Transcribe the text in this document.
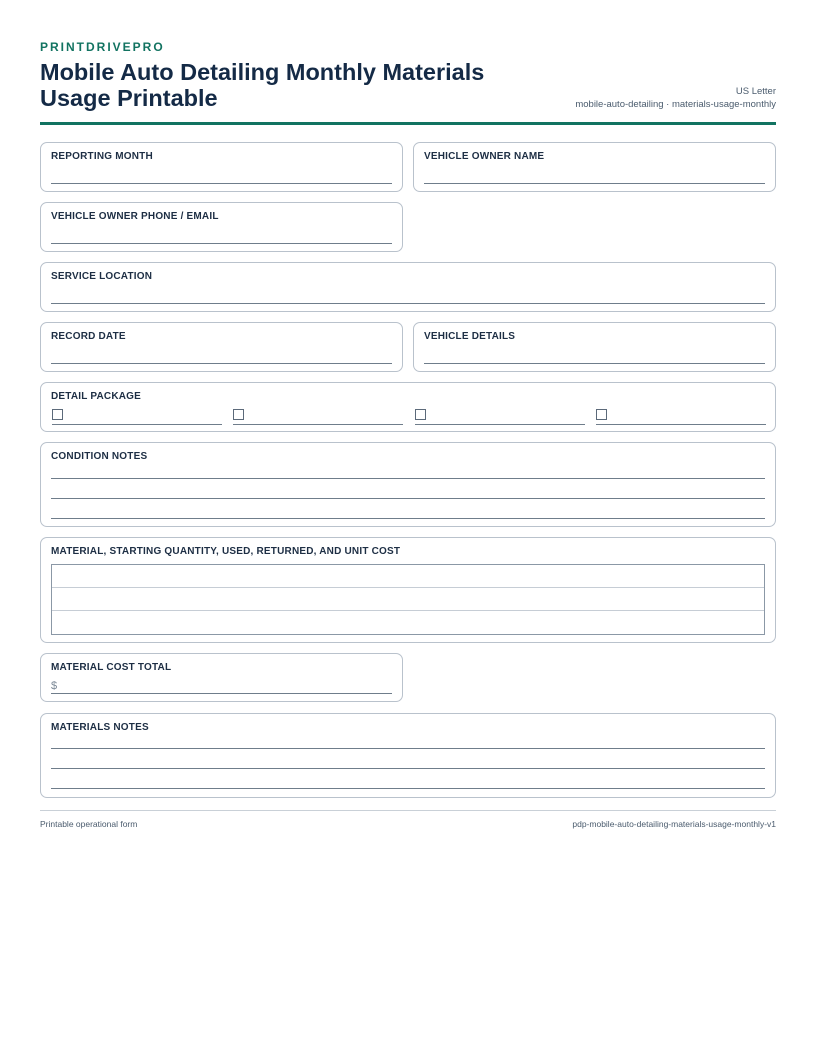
PRINTDRIVEPRO
Mobile Auto Detailing Monthly Materials Usage Printable	US Letter
mobile-auto-detailing · materials-usage-monthly
REPORTING MONTH	VEHICLE OWNER NAME
VEHICLE OWNER PHONE / EMAIL
SERVICE LOCATION
RECORD DATE	VEHICLE DETAILS
DETAIL PACKAGE
CONDITION NOTES
MATERIAL, STARTING QUANTITY, USED, RETURNED, AND UNIT COST
MATERIAL COST TOTAL
$
MATERIALS NOTES
Printable operational form	pdp-mobile-auto-detailing-materials-usage-monthly-v1
